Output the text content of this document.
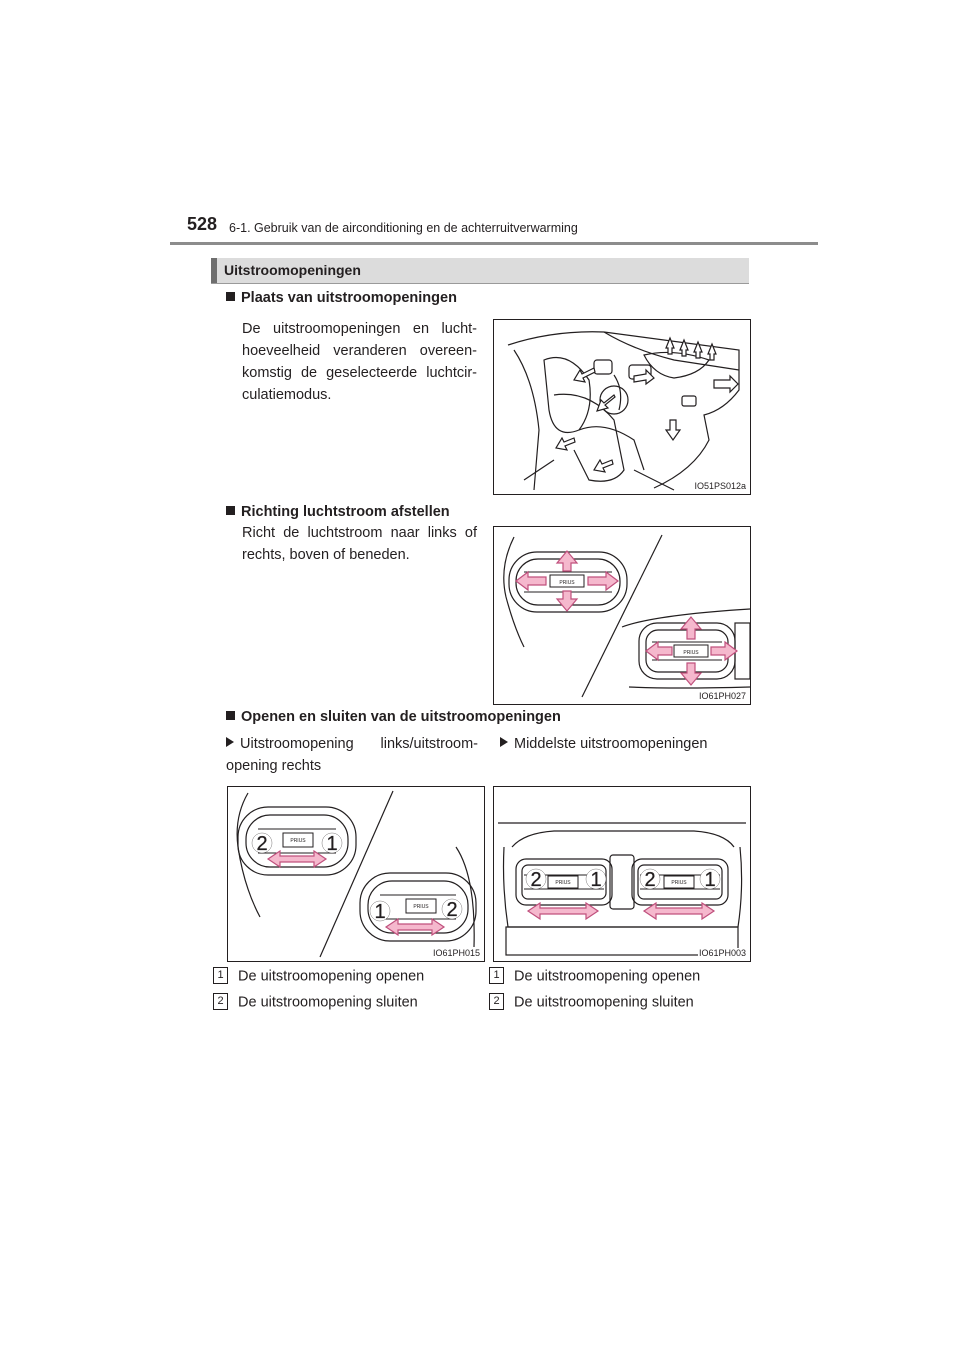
528 6-1. Gebruik van de airconditioning en de achterruitverwarming
Uitstroomopeningen
Plaats van uitstroomopeningen
De uitstroomopeningen en lucht-hoeveelheid veranderen overeen-komstig de geselecteerde luchtcir-culatiemodus.
IO51PS012a
Richting luchtstroom afstellen
Richt de luchtstroom naar links of rechts, boven of beneden.
PRIUS
PRIUS
IO61PH027
Openen en sluiten van de uitstroomopeningen
Uitstroomopening links/uitstroom-opening rechts
Middelste uitstroomopeningen
PRIUS
PRIUS
2	1
1	2
IO61PH015
PRIUS	PRIUS
2 1 2 1
IO61PH003
1 De uitstroomopening openen
2 De uitstroomopening sluiten
1 De uitstroomopening openen
2 De uitstroomopening sluiten
